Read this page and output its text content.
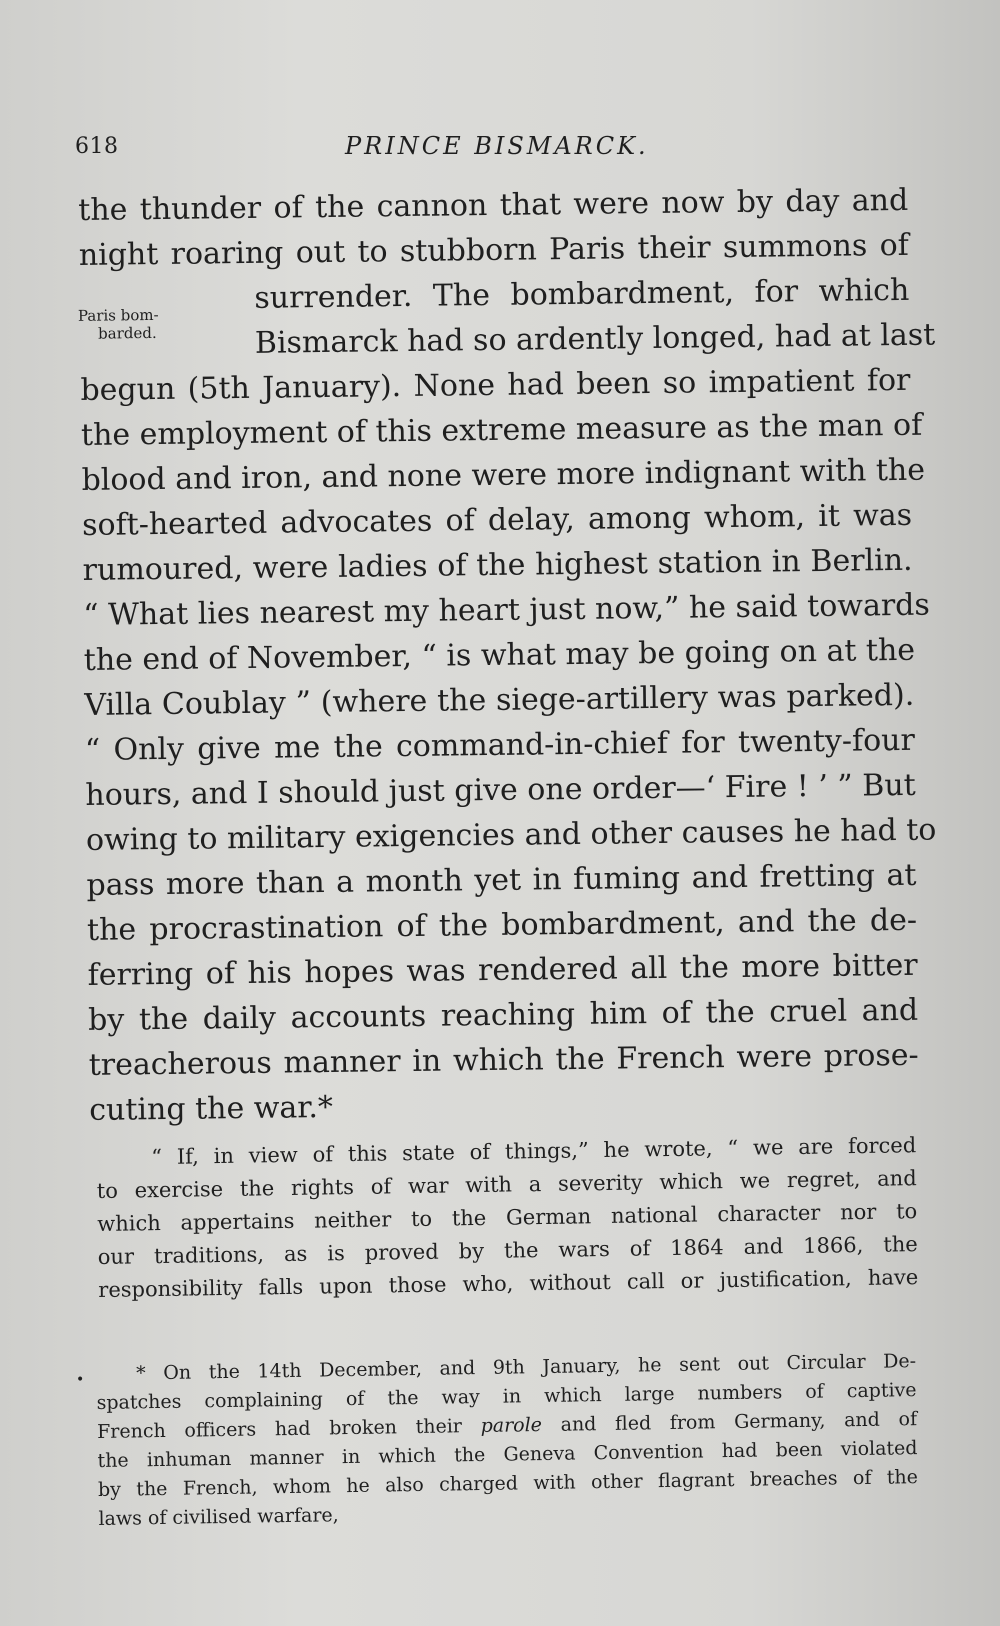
618	PRINCE BISMARCK.
Paris bom-
barded.
the thunder of the cannon that were now by day and
night roaring out to stubborn Paris their summons of
surrender. The bombardment, for which
Bismarck had so ardently longed, had at last
begun (5th January). None had been so impatient for
the employment of this extreme measure as the man of
blood and iron, and none were more indignant with the
soft-hearted advocates of delay, among whom, it was
rumoured, were ladies of the highest station in Berlin.
“ What lies nearest my heart just now,” he said towards
the end of November, “ is what may be going on at the
Villa Coublay ” (where the siege-artillery was parked).
“ Only give me the command-in-chief for twenty-four
hours, and I should just give one order—‘ Fire ! ’ ” But
owing to military exigencies and other causes he had to
pass more than a month yet in fuming and fretting at
the procrastination of the bombardment, and the de-
ferring of his hopes was rendered all the more bitter
by the daily accounts reaching him of the cruel and
treacherous manner in which the French were prose-
cuting the war.*
“ If, in view of this state of things,” he wrote, “ we are forced
to exercise the rights of war with a severity which we regret, and
which appertains neither to the German national character nor to
our traditions, as is proved by the wars of 1864 and 1866, the
responsibility falls upon those who, without call or justification, have
•	* On the 14th December, and 9th January, he sent out Circular De-
spatches complaining of the way in which large numbers of captive
French officers had broken their parole and fled from Germany, and of
the inhuman manner in which the Geneva Convention had been violated
by the French, whom he also charged with other flagrant breaches of the
laws of civilised warfare,
